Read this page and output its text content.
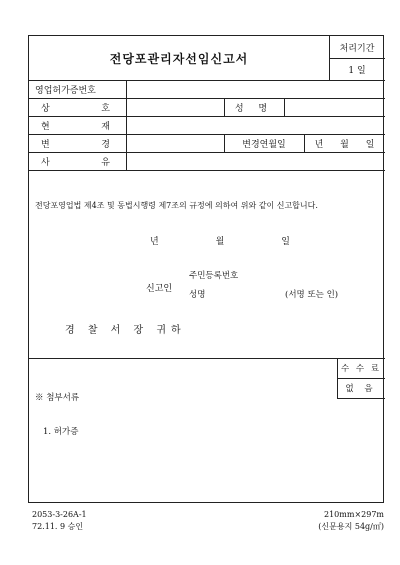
전당포관리자선임신고서
처리기간
1 일
영업허가증번호
상	호	성 명
현	재
변	경	변경연월일	년 월 일
사	유
전당포영업법 제4조 및 동법시행령 제7조의 규정에 의하여 위와 같이 신고합니다.
년	월	일
신고인
주민등록번호
성명	(서명 또는 인)
경 찰 서 장 귀하
수 수 료
없 음
※ 첨부서류
1. 허가증
2053-3-26A-1
72.11. 9 승인
210mm×297m
(신문용지 54g/㎡)
